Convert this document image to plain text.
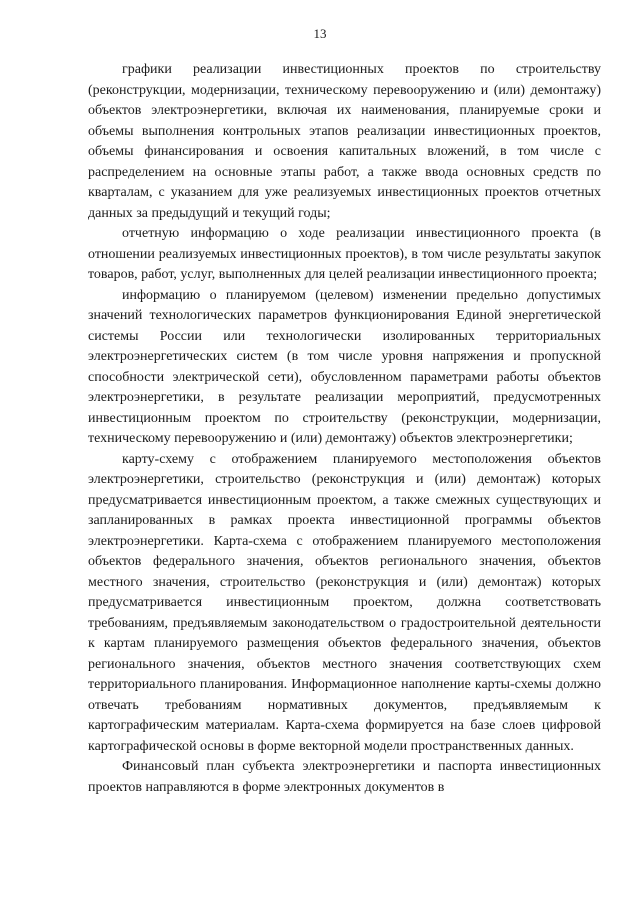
13

графики реализации инвестиционных проектов по строительству (реконструкции, модернизации, техническому перевооружению и (или) демонтажу) объектов электроэнергетики, включая их наименования, планируемые сроки и объемы выполнения контрольных этапов реализации инвестиционных проектов, объемы финансирования и освоения капитальных вложений, в том числе с распределением на основные этапы работ, а также ввода основных средств по кварталам, с указанием для уже реализуемых инвестиционных проектов отчетных данных за предыдущий и текущий годы;

отчетную информацию о ходе реализации инвестиционного проекта (в отношении реализуемых инвестиционных проектов), в том числе результаты закупок товаров, работ, услуг, выполненных для целей реализации инвестиционного проекта;

информацию о планируемом (целевом) изменении предельно допустимых значений технологических параметров функционирования Единой энергетической системы России или технологически изолированных территориальных электроэнергетических систем (в том числе уровня напряжения и пропускной способности электрической сети), обусловленном параметрами работы объектов электроэнергетики, в результате реализации мероприятий, предусмотренных инвестиционным проектом по строительству (реконструкции, модернизации, техническому перевооружению и (или) демонтажу) объектов электроэнергетики;

карту-схему с отображением планируемого местоположения объектов электроэнергетики, строительство (реконструкция и (или) демонтаж) которых предусматривается инвестиционным проектом, а также смежных существующих и запланированных в рамках проекта инвестиционной программы объектов электроэнергетики. Карта-схема с отображением планируемого местоположения объектов федерального значения, объектов регионального значения, объектов местного значения, строительство (реконструкция и (или) демонтаж) которых предусматривается инвестиционным проектом, должна соответствовать требованиям, предъявляемым законодательством о градостроительной деятельности к картам планируемого размещения объектов федерального значения, объектов регионального значения, объектов местного значения соответствующих схем территориального планирования. Информационное наполнение карты-схемы должно отвечать требованиям нормативных документов, предъявляемым к картографическим материалам. Карта-схема формируется на базе слоев цифровой картографической основы в форме векторной модели пространственных данных.

Финансовый план субъекта электроэнергетики и паспорта инвестиционных проектов направляются в форме электронных документов в
